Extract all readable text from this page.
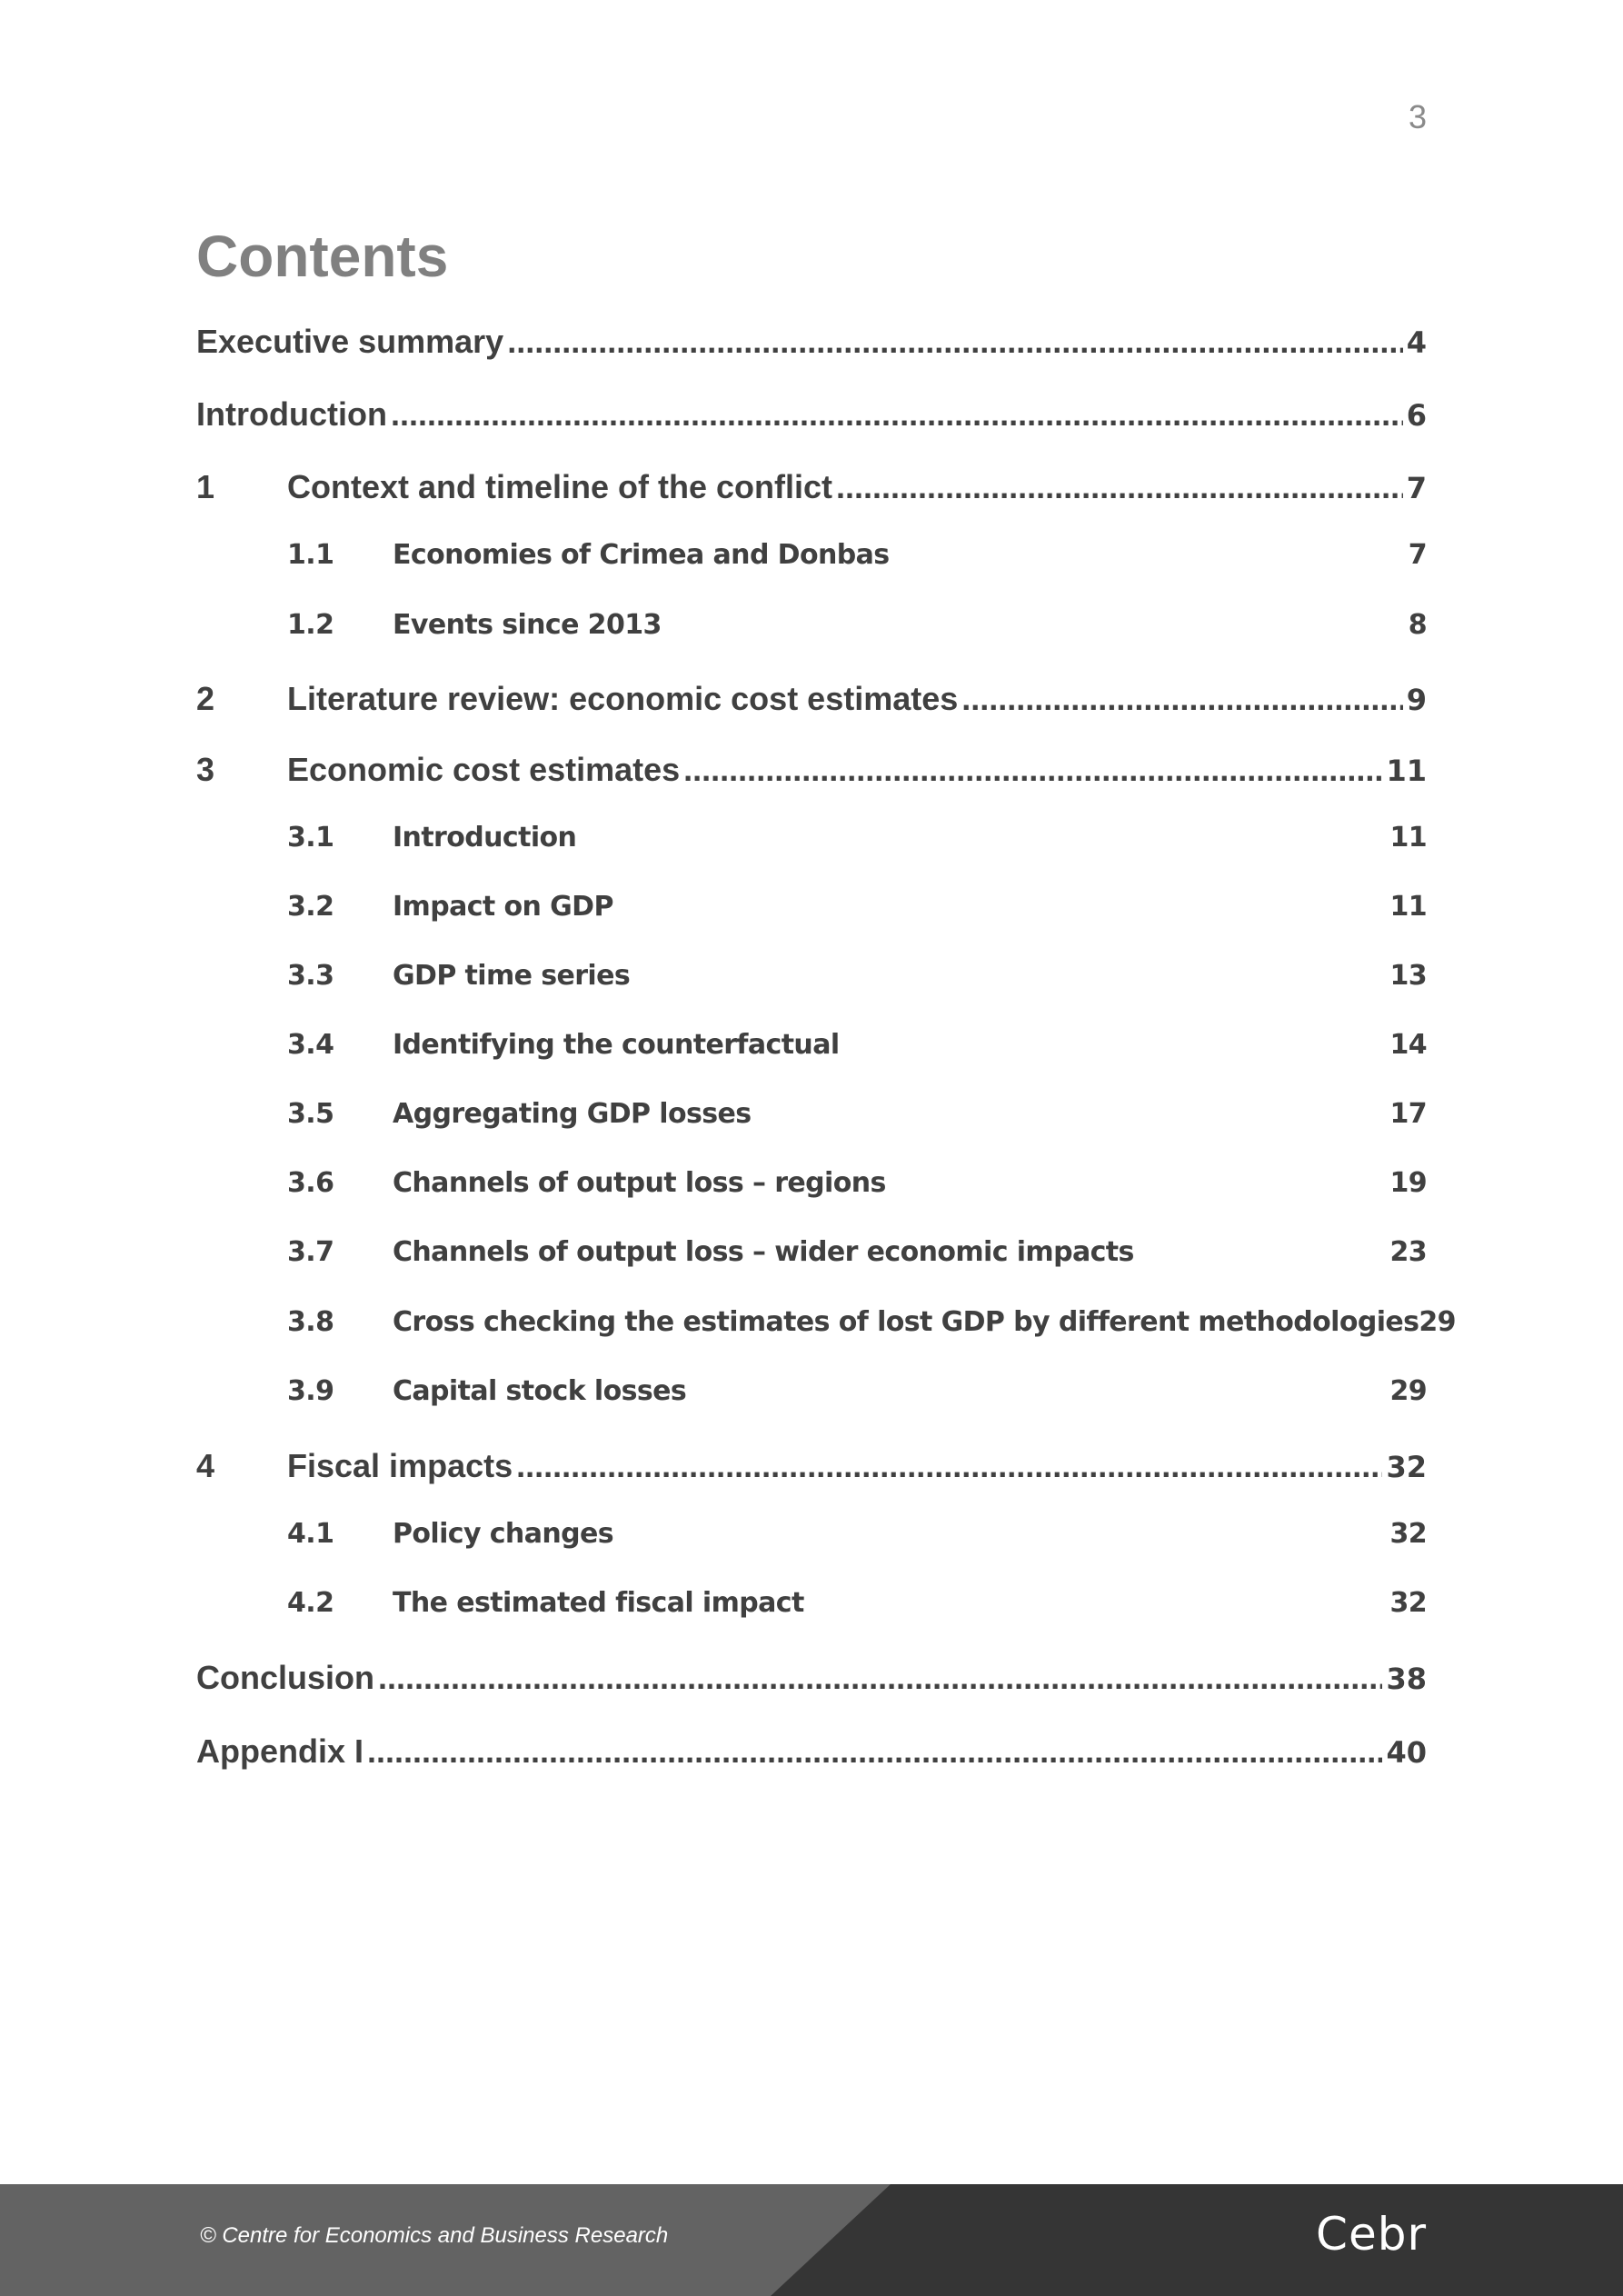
3
Contents
Executive summary .....	4
Introduction .....	6
1	Context and timeline of the conflict .....	7
1.1	Economies of Crimea and Donbas	7
1.2	Events since 2013	8
2	Literature review: economic cost estimates .....	9
3	Economic cost estimates .....	11
3.1	Introduction	11
3.2	Impact on GDP	11
3.3	GDP time series	13
3.4	Identifying the counterfactual	14
3.5	Aggregating GDP losses	17
3.6	Channels of output loss – regions	19
3.7	Channels of output loss – wider economic impacts	23
3.8	Cross checking the estimates of lost GDP by different methodologies 29
3.9	Capital stock losses	29
4	Fiscal impacts .....	32
4.1	Policy changes	32
4.2	The estimated fiscal impact	32
Conclusion .....	38
Appendix I .....	40
© Centre for Economics and Business Research	Cebr
